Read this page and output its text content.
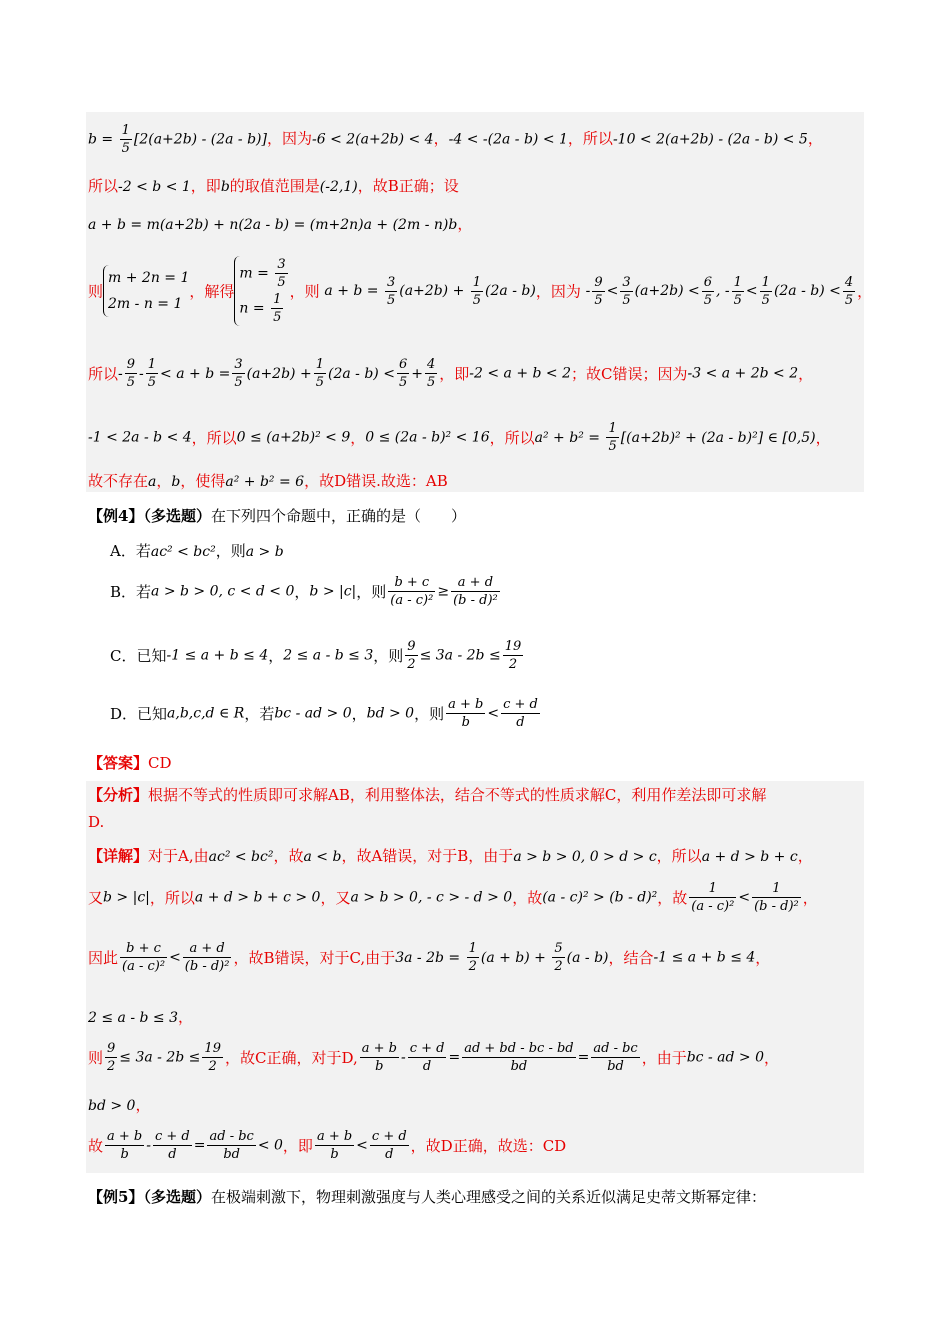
$b = \frac{1}{5} [2(a+2b) - (2a - b)]$，因为-6 < 2(a+2b) < 4，-4 < -(2a - b) < 1，所以-10 < 2(a+2b) - (2a - b) < 5，
所以-2 < b < 1，即b的取值范围是(-2,1)，故B正确；设
a + b = m(a+2b) + n(2a - b) = (m+2n)a + (2m - n)b，
则
m + 2n = 1
2m - n = 1
，解得
$m = \frac{3}{5}$
$n = \frac{1}{5}$ ，则 $a + b = \frac{3}{5} (a+2b) + \frac{1}{5} (2a - b)$，因为 - $\frac{9}{5} < \frac{3}{5} (a+2b) < \frac{6}{5}$ , - $\frac{1}{5} < \frac{1}{5} (2a - b) < \frac{4}{5}$ ，
所以- $\frac{9}{5} - \frac{1}{5} < a + b = \frac{3}{5} (a+2b) + \frac{1}{5} (2a - b) < \frac{6}{5} + \frac{4}{5}$ ，即-2 < a + b < 2；故C错误；因为-3 < a + 2b < 2，
-1 < 2a - b < 4，所以0 ≤ (a+2b)² < 9，0 ≤ (2a - b)² < 16，所以$a^2 + b^2 = \frac{1}{5} [(a+2b)^2 + (2a - b)^2]$ ∈ [0,5)，
故不存在a，b，使得a² + b² = 6，故D错误.故选：AB
【例4】（多选题）在下列四个命题中，正确的是（　　）
A．若ac² < bc²，则a > b
B．若a > b > 0, c < d < 0，b > |c|，则 $\frac{b + c}{\text{(a - c)²}} \ge \frac{a + d}{\text{(b - d)²}}$
C．已知-1 ≤ a + b ≤ 4，2 ≤ a - b ≤ 3，则 $\frac{9}{2} \le 3a - 2b \le \frac{19}{2}$
D．已知a,b,c,d ∈ R，若bc - ad > 0，bd > 0，则 $\frac{a + b}{b} < \frac{c + d}{d}$
【答案】CD
【分析】根据不等式的性质即可求解AB，利用整体法，结合不等式的性质求解C，利用作差法即可求解
D.
【详解】对于A,由ac² < bc²，故a < b，故A错误，对于B，由于a > b > 0, 0 > d > c，所以a + d > b + c，
又b > |c|，所以a + d > b + c > 0，又a > b > 0, - c > - d > 0，故(a - c)² > (b - d)²，故 $\frac{1}{\text{(a - c)²}} < \frac{1}{\text{(b - d)²}}$ ，
因此 $\frac{b + c}{\text{(a - c)²}} < \frac{a + d}{\text{(b - d)²}}$ ，故B错误，对于C,由于$3a - 2b = \frac{1}{2} (a + b) + \frac{5}{2} (a - b)$，结合-1 ≤ a + b ≤ 4，
2 ≤ a - b ≤ 3，
则 $\frac{9}{2} \le 3a - 2b \le \frac{19}{2}$ ，故C正确，对于D, $\frac{a + b}{b} - \frac{c + d}{d} = \frac{ad + bd - bc - bd}{bd} = \frac{ad - bc}{bd}$ ，由于bc - ad > 0，
bd > 0，
故 $\frac{a + b}{b} - \frac{c + d}{d} = \frac{ad - bc}{bd} < 0$，即 $\frac{a + b}{b} < \frac{c + d}{d}$ ，故D正确，故选：CD
【例5】（多选题）在极端刺激下，物理刺激强度与人类心理感受之间的关系近似满足史蒂文斯幂定律：
